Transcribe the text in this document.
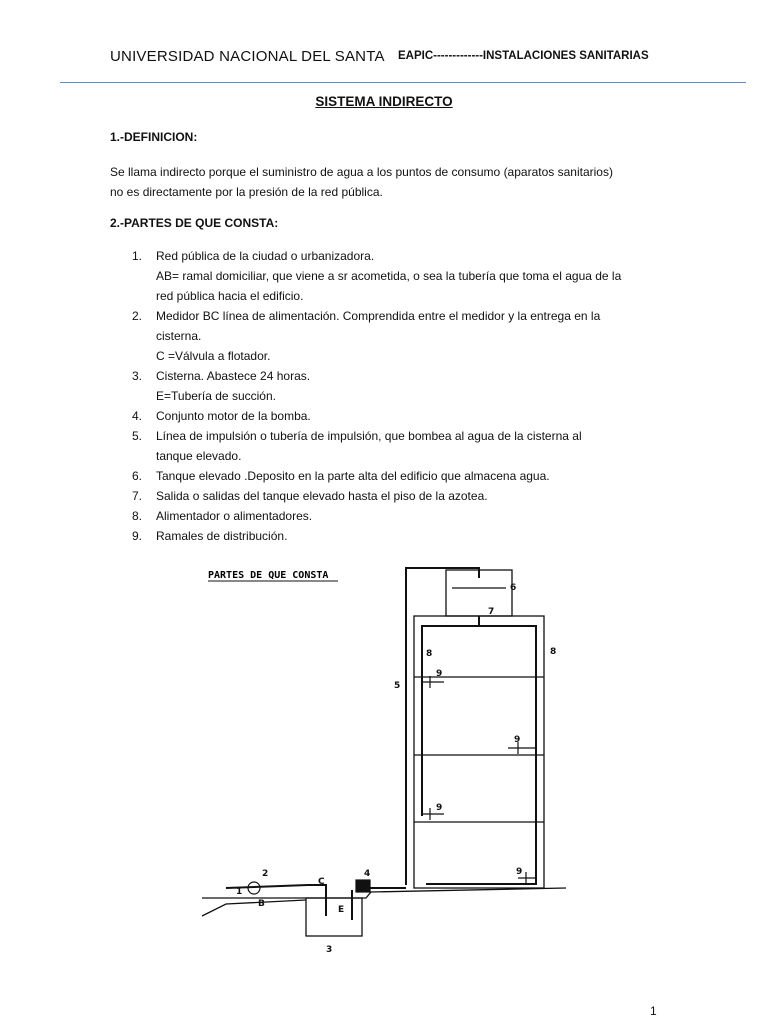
UNIVERSIDAD NACIONAL DEL SANTA EAPIC-------------INSTALACIONES SANITARIAS
SISTEMA INDIRECTO
1.-DEFINICION:
Se llama indirecto porque el suministro de agua a los puntos de consumo (aparatos sanitarios)
no es directamente por la presión de la red pública.
2.-PARTES DE QUE CONSTA:
1. Red pública de la ciudad o urbanizadora.
AB= ramal domiciliar, que viene a sr acometida, o sea la tubería que toma el agua de la
red pública hacia el edificio.
2. Medidor BC línea de alimentación. Comprendida entre el medidor y la entrega en la
cisterna.
C =Válvula a flotador.
3. Cisterna. Abastece 24 horas.
E=Tubería de succión.
4. Conjunto motor de la bomba.
5. Línea de impulsión o tubería de impulsión, que bombea al agua de la cisterna al
tanque elevado.
6. Tanque elevado .Deposito en la parte alta del edificio que almacena agua.
7. Salida o salidas del tanque elevado hasta el piso de la azotea.
8. Alimentador o alimentadores.
9. Ramales de distribución.
PARTES DE QUE CONSTA
6
7
8	8
5
9
9
9
9
4
2
1
B
C
E
3
1
